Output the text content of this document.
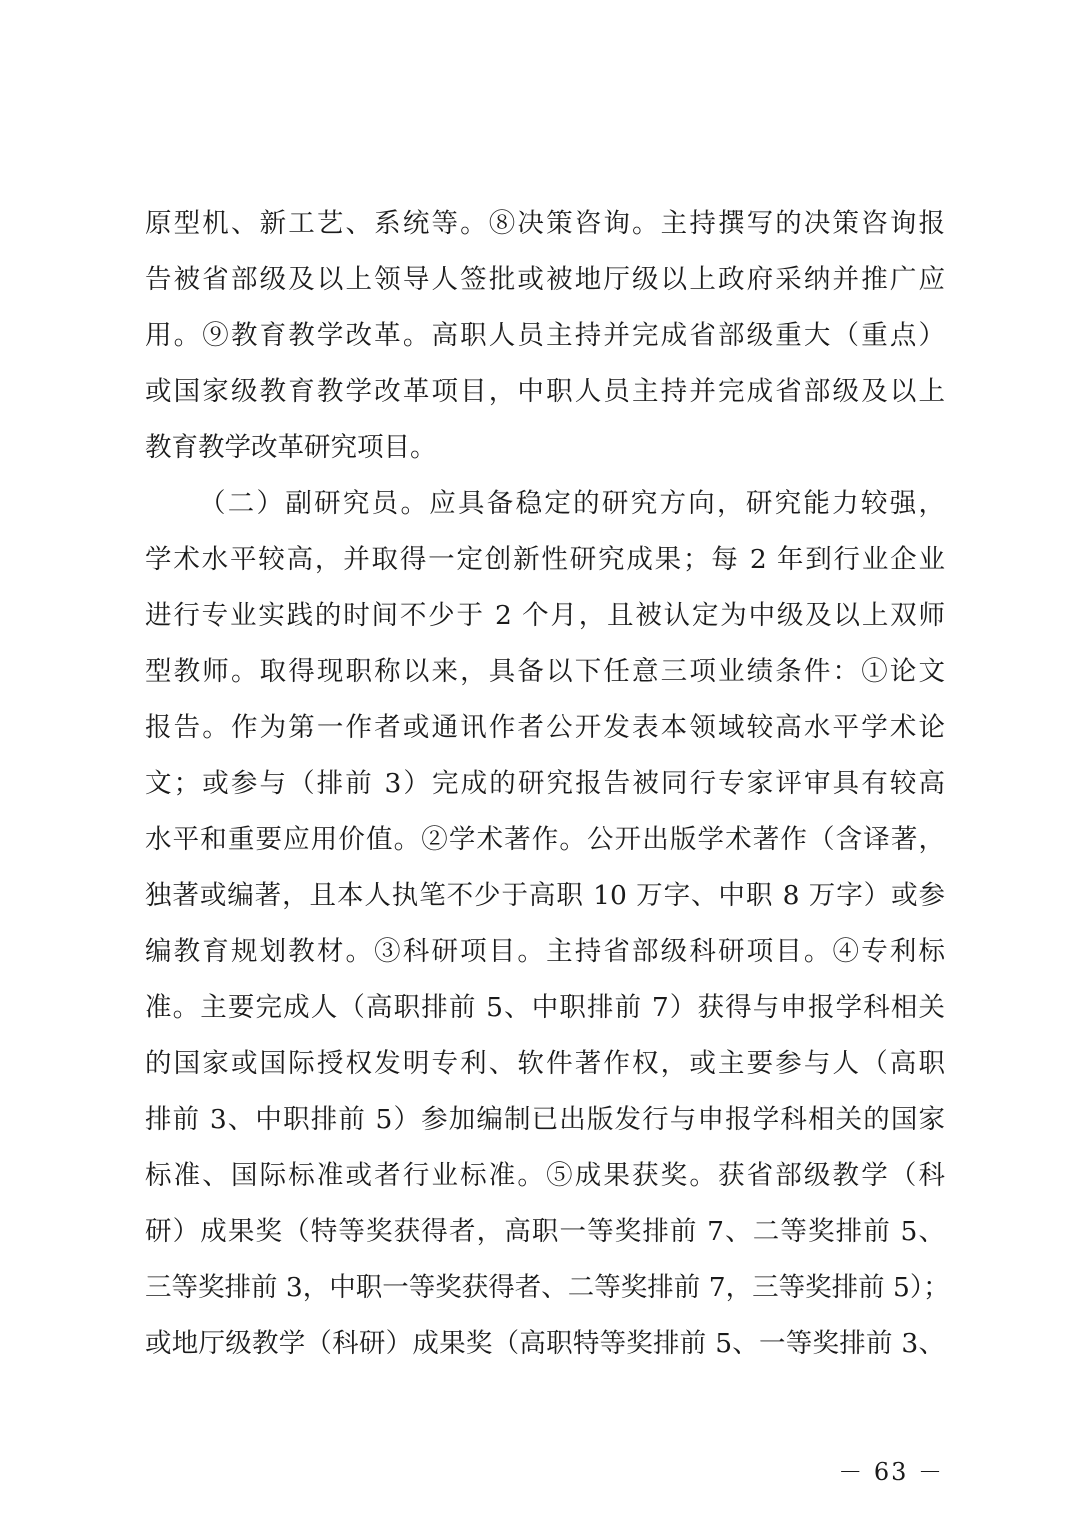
原型机、新工艺、系统等。⑧决策咨询。主持撰写的决策咨询报
告被省部级及以上领导人签批或被地厅级以上政府采纳并推广应
用。⑨教育教学改革。高职人员主持并完成省部级重大（重点）
或国家级教育教学改革项目，中职人员主持并完成省部级及以上
教育教学改革研究项目。
（二）副研究员。应具备稳定的研究方向，研究能力较强，
学术水平较高，并取得一定创新性研究成果；每 2 年到行业企业
进行专业实践的时间不少于 2 个月，且被认定为中级及以上双师
型教师。取得现职称以来，具备以下任意三项业绩条件：①论文
报告。作为第一作者或通讯作者公开发表本领域较高水平学术论
文；或参与（排前 3）完成的研究报告被同行专家评审具有较高
水平和重要应用价值。②学术著作。公开出版学术著作（含译著，
独著或编著，且本人执笔不少于高职 10 万字、中职 8 万字）或参
编教育规划教材。③科研项目。主持省部级科研项目。④专利标
准。主要完成人（高职排前 5、中职排前 7）获得与申报学科相关
的国家或国际授权发明专利、软件著作权，或主要参与人（高职
排前 3、中职排前 5）参加编制已出版发行与申报学科相关的国家
标准、国际标准或者行业标准。⑤成果获奖。获省部级教学（科
研）成果奖（特等奖获得者，高职一等奖排前 7、二等奖排前 5、
三等奖排前 3，中职一等奖获得者、二等奖排前 7，三等奖排前 5）；
或地厅级教学（科研）成果奖（高职特等奖排前 5、一等奖排前 3、
－ 63 －
